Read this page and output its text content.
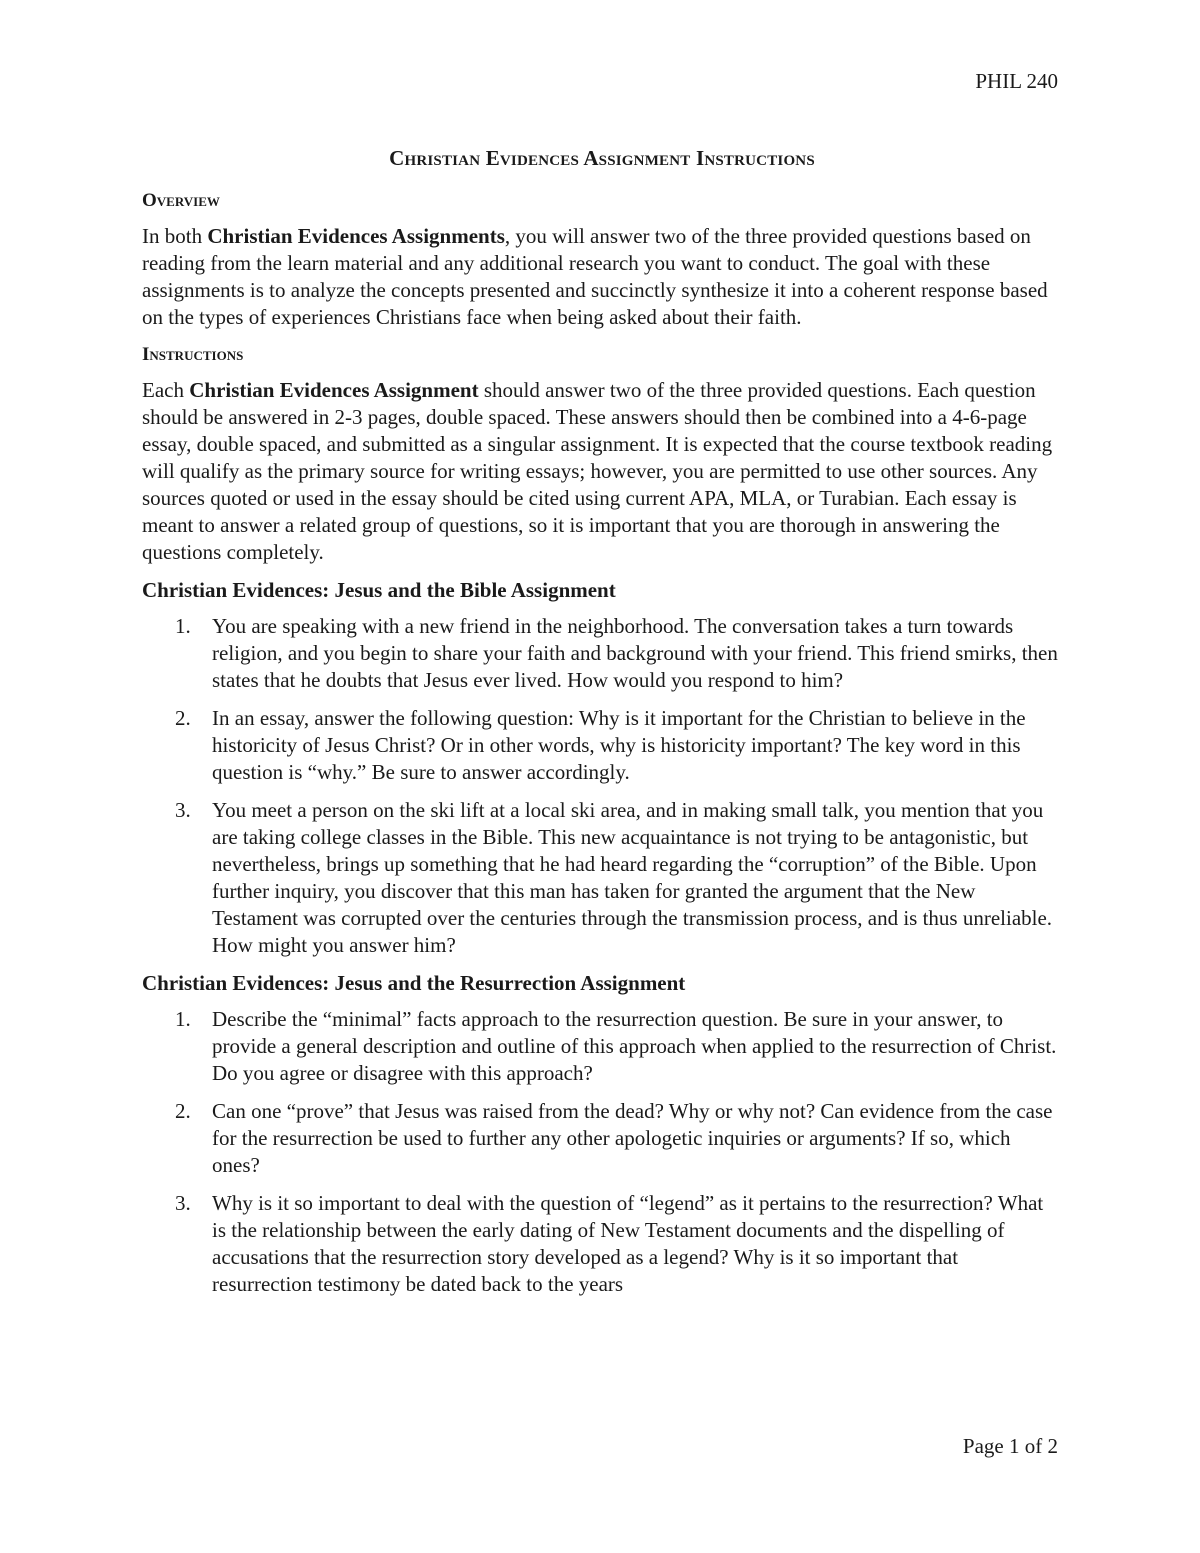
PHIL 240
Christian Evidences Assignment Instructions
Overview

In both Christian Evidences Assignments, you will answer two of the three provided questions based on reading from the learn material and any additional research you want to conduct. The goal with these assignments is to analyze the concepts presented and succinctly synthesize it into a coherent response based on the types of experiences Christians face when being asked about their faith.

Instructions

Each Christian Evidences Assignment should answer two of the three provided questions. Each question should be answered in 2-3 pages, double spaced. These answers should then be combined into a 4-6-page essay, double spaced, and submitted as a singular assignment. It is expected that the course textbook reading will qualify as the primary source for writing essays; however, you are permitted to use other sources. Any sources quoted or used in the essay should be cited using current APA, MLA, or Turabian. Each essay is meant to answer a related group of questions, so it is important that you are thorough in answering the questions completely.

Christian Evidences: Jesus and the Bible Assignment
1. You are speaking with a new friend in the neighborhood. The conversation takes a turn towards religion, and you begin to share your faith and background with your friend. This friend smirks, then states that he doubts that Jesus ever lived. How would you respond to him?
2. In an essay, answer the following question: Why is it important for the Christian to believe in the historicity of Jesus Christ? Or in other words, why is historicity important? The key word in this question is “why.” Be sure to answer accordingly.
3. You meet a person on the ski lift at a local ski area, and in making small talk, you mention that you are taking college classes in the Bible. This new acquaintance is not trying to be antagonistic, but nevertheless, brings up something that he had heard regarding the “corruption” of the Bible. Upon further inquiry, you discover that this man has taken for granted the argument that the New Testament was corrupted over the centuries through the transmission process, and is thus unreliable. How might you answer him?
Christian Evidences: Jesus and the Resurrection Assignment
1. Describe the “minimal” facts approach to the resurrection question. Be sure in your answer, to provide a general description and outline of this approach when applied to the resurrection of Christ. Do you agree or disagree with this approach?
2. Can one “prove” that Jesus was raised from the dead? Why or why not? Can evidence from the case for the resurrection be used to further any other apologetic inquiries or arguments? If so, which ones?
3. Why is it so important to deal with the question of “legend” as it pertains to the resurrection? What is the relationship between the early dating of New Testament documents and the dispelling of accusations that the resurrection story developed as a legend? Why is it so important that resurrection testimony be dated back to the years
Page 1 of 2
